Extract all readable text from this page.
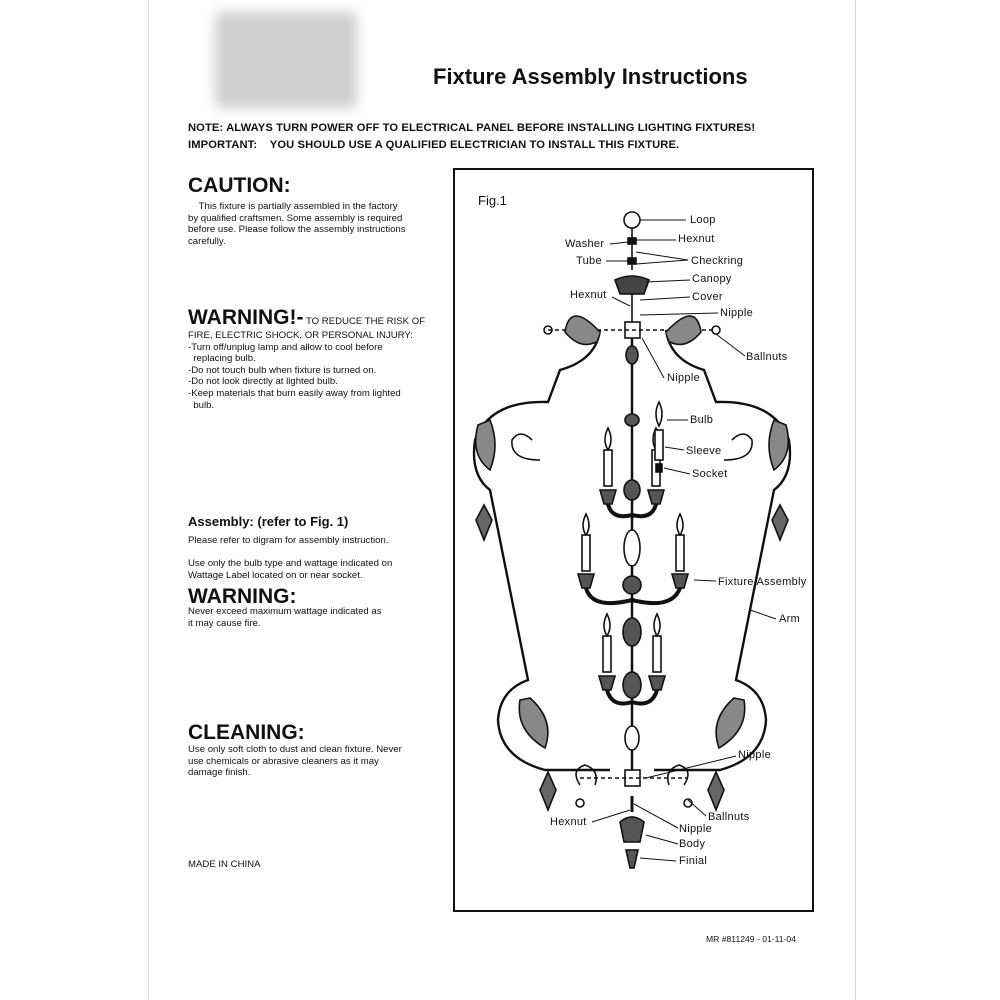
Fixture Assembly Instructions
NOTE: ALWAYS TURN POWER OFF TO ELECTRICAL PANEL BEFORE INSTALLING LIGHTING FIXTURES!
IMPORTANT:    YOU SHOULD USE A QUALIFIED ELECTRICIAN TO INSTALL THIS FIXTURE.
CAUTION:
This fixture is partially assembled in the factory
by qualified craftsmen. Some assembly is required
before use. Please follow the assembly instructions
carefully.
WARNING!- TO REDUCE THE RISK OF
FIRE, ELECTRIC SHOCK, OR PERSONAL INJURY:
-Turn off/unplug lamp and allow to cool before
replacing bulb.
-Do not touch bulb when fixture is turned on.
-Do not look directly at lighted bulb.
-Keep materials that burn easily away from lighted
bulb.
Assembly: (refer to Fig. 1)
Please refer to digram for assembly instruction.
Use only the bulb type and wattage indicated on
Wattage Label located on or near socket.
WARNING:
Never exceed maximum wattage indicated as
it may cause fire.
CLEANING:
Use only soft cloth to dust and clean fixture. Never
use chemicals or abrasive cleaners as it may
damage finish.
MADE IN CHINA
MR #811249 - 01-11-04
Fig.1
Loop
Hexnut
Washer
Checkring
Tube
Canopy
Hexnut	Cover
Nipple
Ballnuts
Nipple
Bulb
Sleeve
Socket
Fixture Assembly
Arm
Nipple
Ballnuts
Hexnut
Nipple
Body
Finial
